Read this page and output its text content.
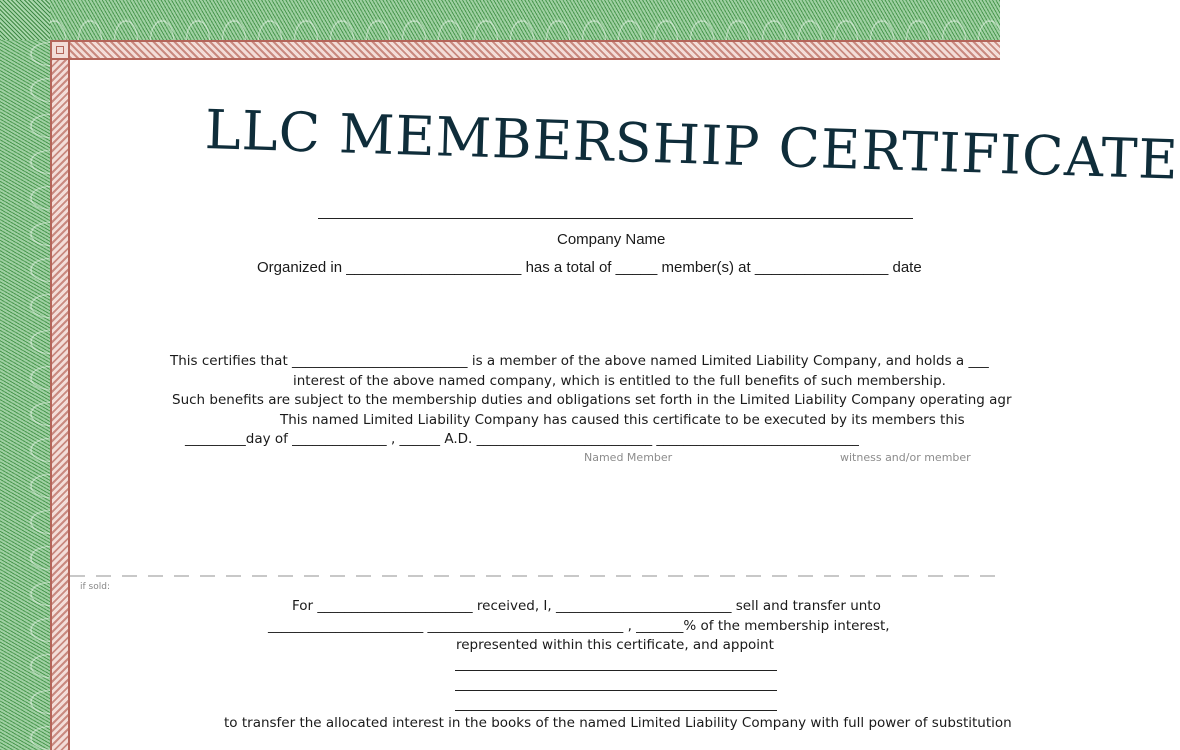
LLC MEMBERSHIP CERTIFICATE
Company Name
Organized in _____________________ has a total of _____ member(s) at ________________ date
This certifies that __________________________ is a member of the above named Limited Liability Company, and holds a ___
interest of the above named company, which is entitled to the full benefits of such membership.
Such benefits are subject to the membership duties and obligations set forth in the Limited Liability Company operating agr
This named Limited Liability Company has caused this certificate to be executed by its members this
_________day of ______________ , ______ A.D. __________________________ ______________________________
Named Member	witness and/or member
if sold:
For _______________________ received, I, __________________________ sell and transfer unto
_______________________ _____________________________ , _______% of the membership interest,
represented within this certificate, and appoint
to transfer the allocated interest in the books of the named Limited Liability Company with full power of substitution
